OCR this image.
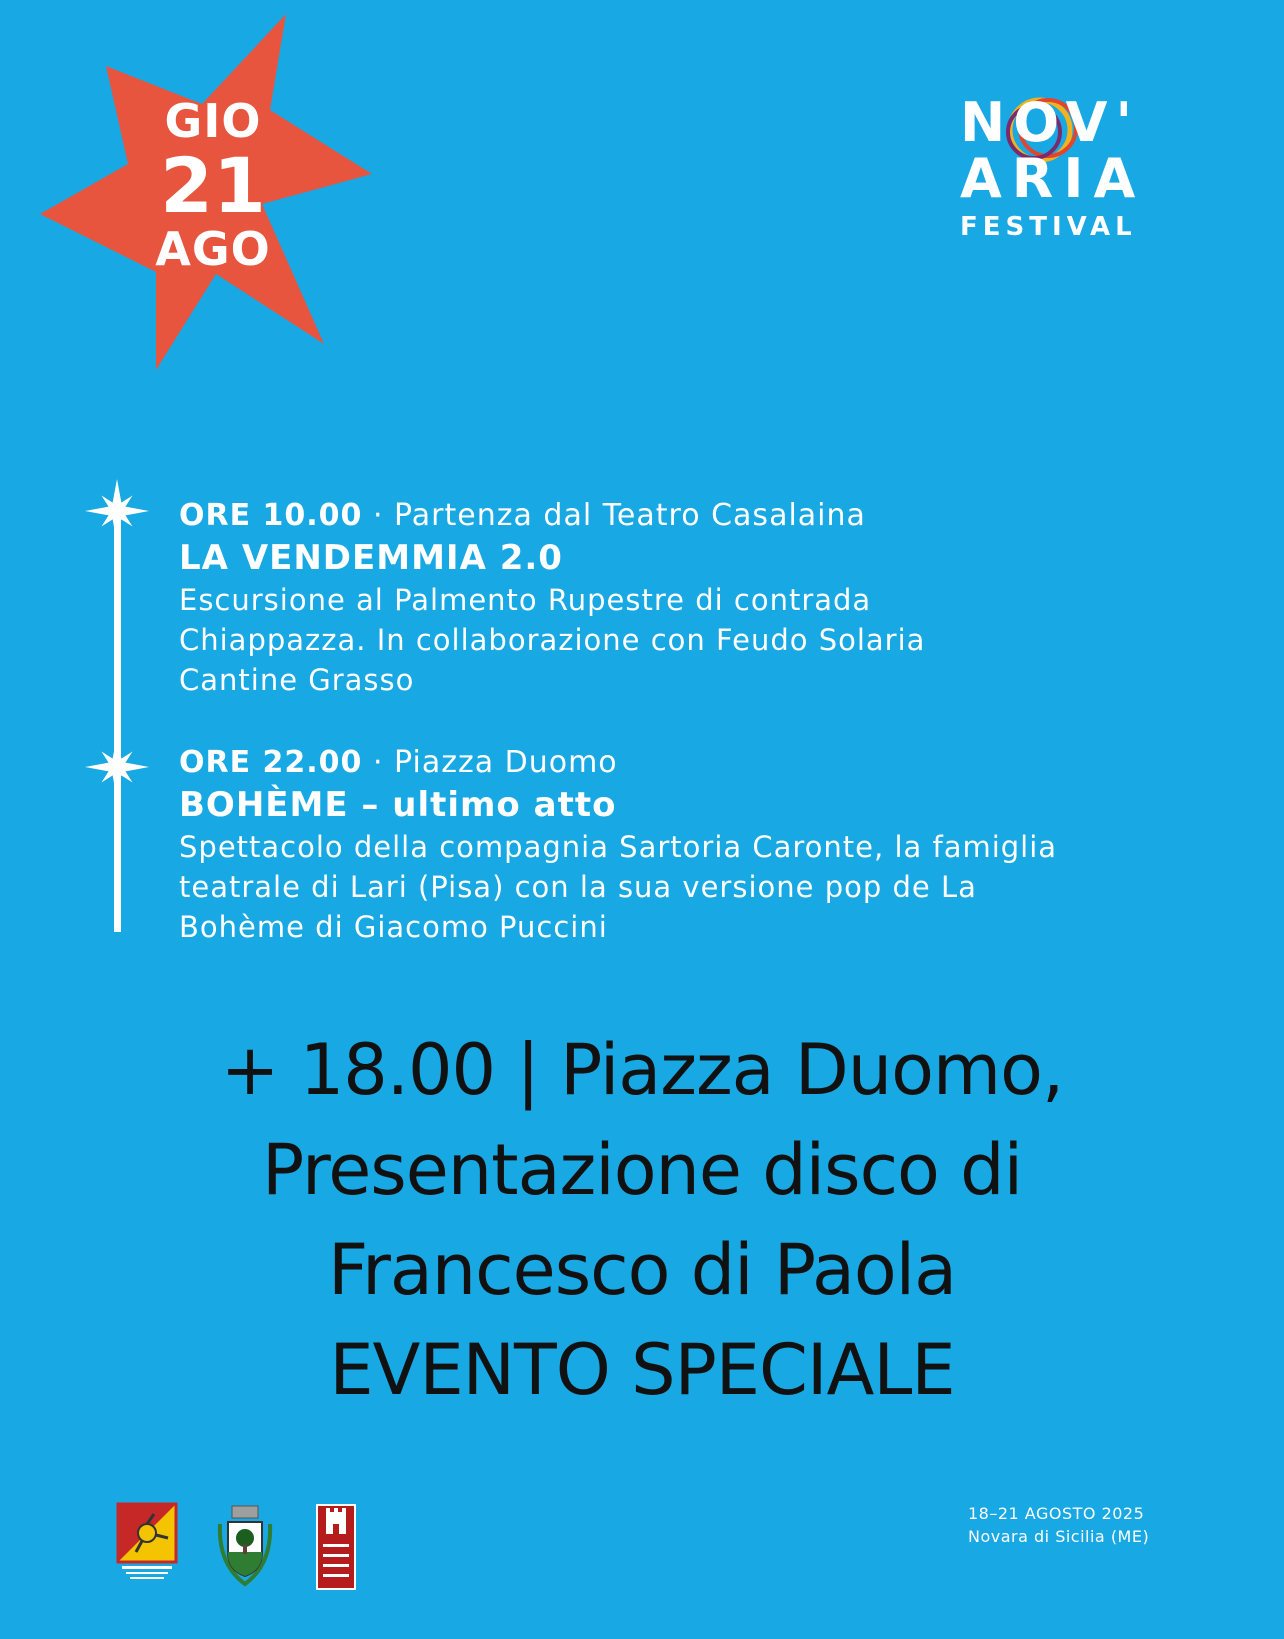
GIO
21
AGO
NOV'
ARIA
FESTIVAL
ORE 10.00 · Partenza dal Teatro Casalaina
LA VENDEMMIA 2.0
Escursione al Palmento Rupestre di contrada
Chiappazza. In collaborazione con Feudo Solaria
Cantine Grasso
ORE 22.00 · Piazza Duomo
BOHÈME – ultimo atto
Spettacolo della compagnia Sartoria Caronte, la famiglia
teatrale di Lari (Pisa) con la sua versione pop de La
Bohème di Giacomo Puccini
+ 18.00 | Piazza Duomo,
Presentazione disco di
Francesco di Paola
EVENTO SPECIALE
18–21 AGOSTO 2025
Novara di Sicilia (ME)
